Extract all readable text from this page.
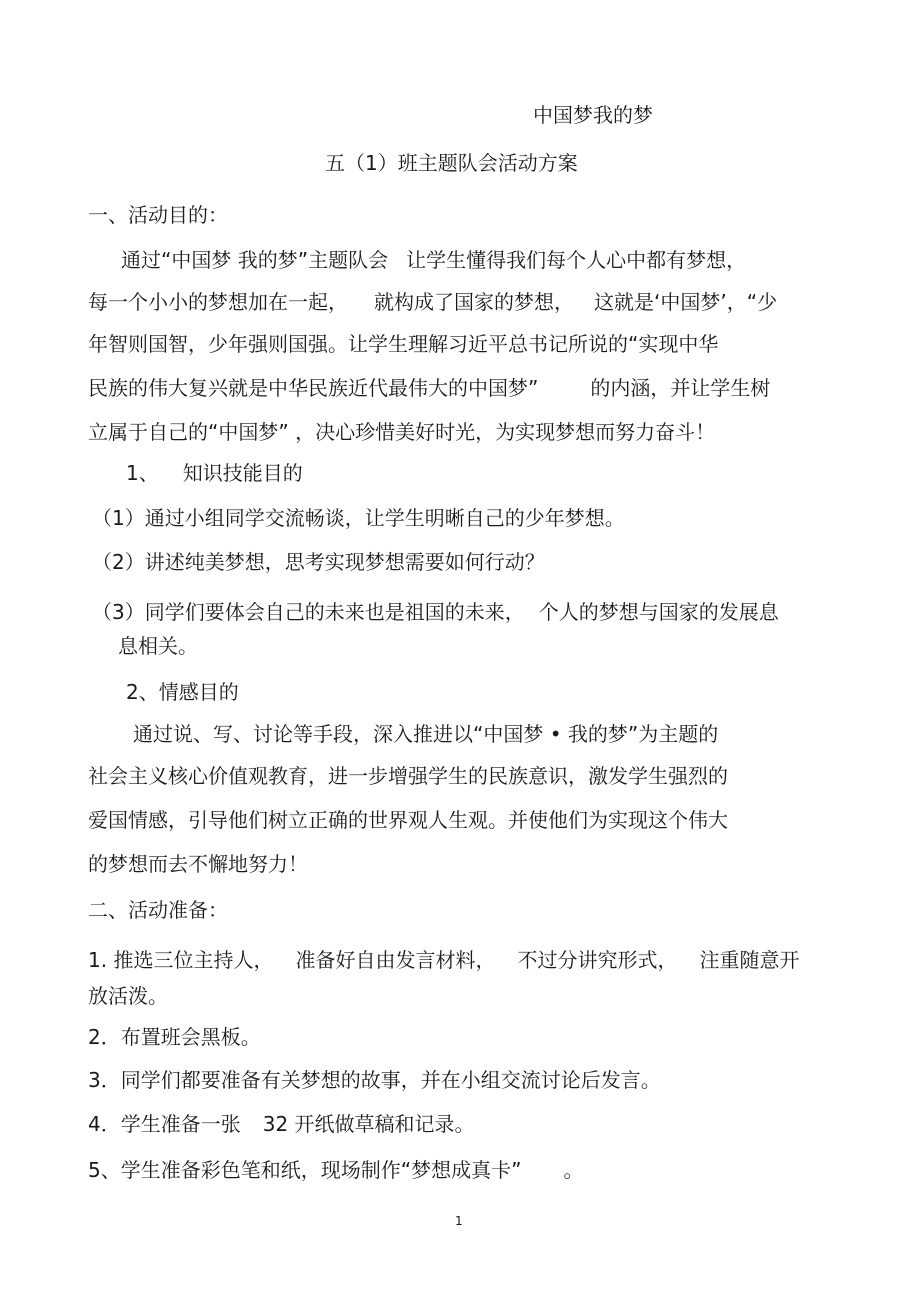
中国梦我的梦
五（1）班主题队会活动方案
一、活动目的：
通过“中国梦 我的梦”主题队会 让学生懂得我们每个人心中都有梦想，
每一个小小的梦想加在一起， 就构成了国家的梦想， 这就是‘中国梦’，“少
年智则国智，少年强则国强。让学生理解习近平总书记所说的“实现中华
民族的伟大复兴就是中华民族近代最伟大的中国梦”	的内涵，并让学生树
立属于自己的“中国梦” ，决心珍惜美好时光，为实现梦想而努力奋斗！
1、 知识技能目的
（1）通过小组同学交流畅谈，让学生明晰自己的少年梦想。
（2）讲述纯美梦想，思考实现梦想需要如何行动？
（3）同学们要体会自己的未来也是祖国的未来， 个人的梦想与国家的发展息
息相关。
2、情感目的
通过说、写、讨论等手段，深入推进以“中国梦 • 我的梦”为主题的
社会主义核心价值观教育，进一步增强学生的民族意识，激发学生强烈的
爱国情感，引导他们树立正确的世界观人生观。并使他们为实现这个伟大
的梦想而去不懈地努力！
二、活动准备：
1. 推选三位主持人， 准备好自由发言材料， 不过分讲究形式， 注重随意开
放活泼。
2．布置班会黑板。
3．同学们都要准备有关梦想的故事，并在小组交流讨论后发言。
4．学生准备一张 32 开纸做草稿和记录。
5、学生准备彩色笔和纸，现场制作“梦想成真卡” 。
1
